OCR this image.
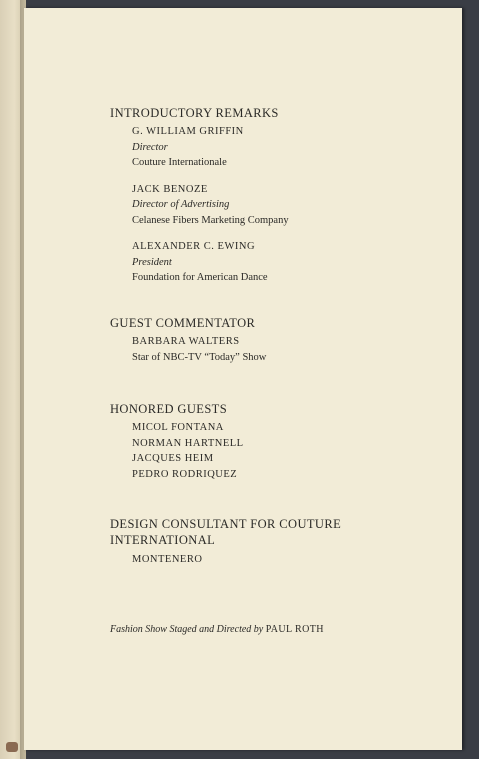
INTRODUCTORY REMARKS
G. WILLIAM GRIFFIN
Director
Couture Internationale
JACK BENOZE
Director of Advertising
Celanese Fibers Marketing Company
ALEXANDER C. EWING
President
Foundation for American Dance
GUEST COMMENTATOR
BARBARA WALTERS
Star of NBC-TV “Today” Show
HONORED GUESTS
MICOL FONTANA
NORMAN HARTNELL
JACQUES HEIM
PEDRO RODRIQUEZ
DESIGN CONSULTANT FOR COUTURE
INTERNATIONAL
MONTENERO
Fashion Show Staged and Directed by PAUL ROTH
